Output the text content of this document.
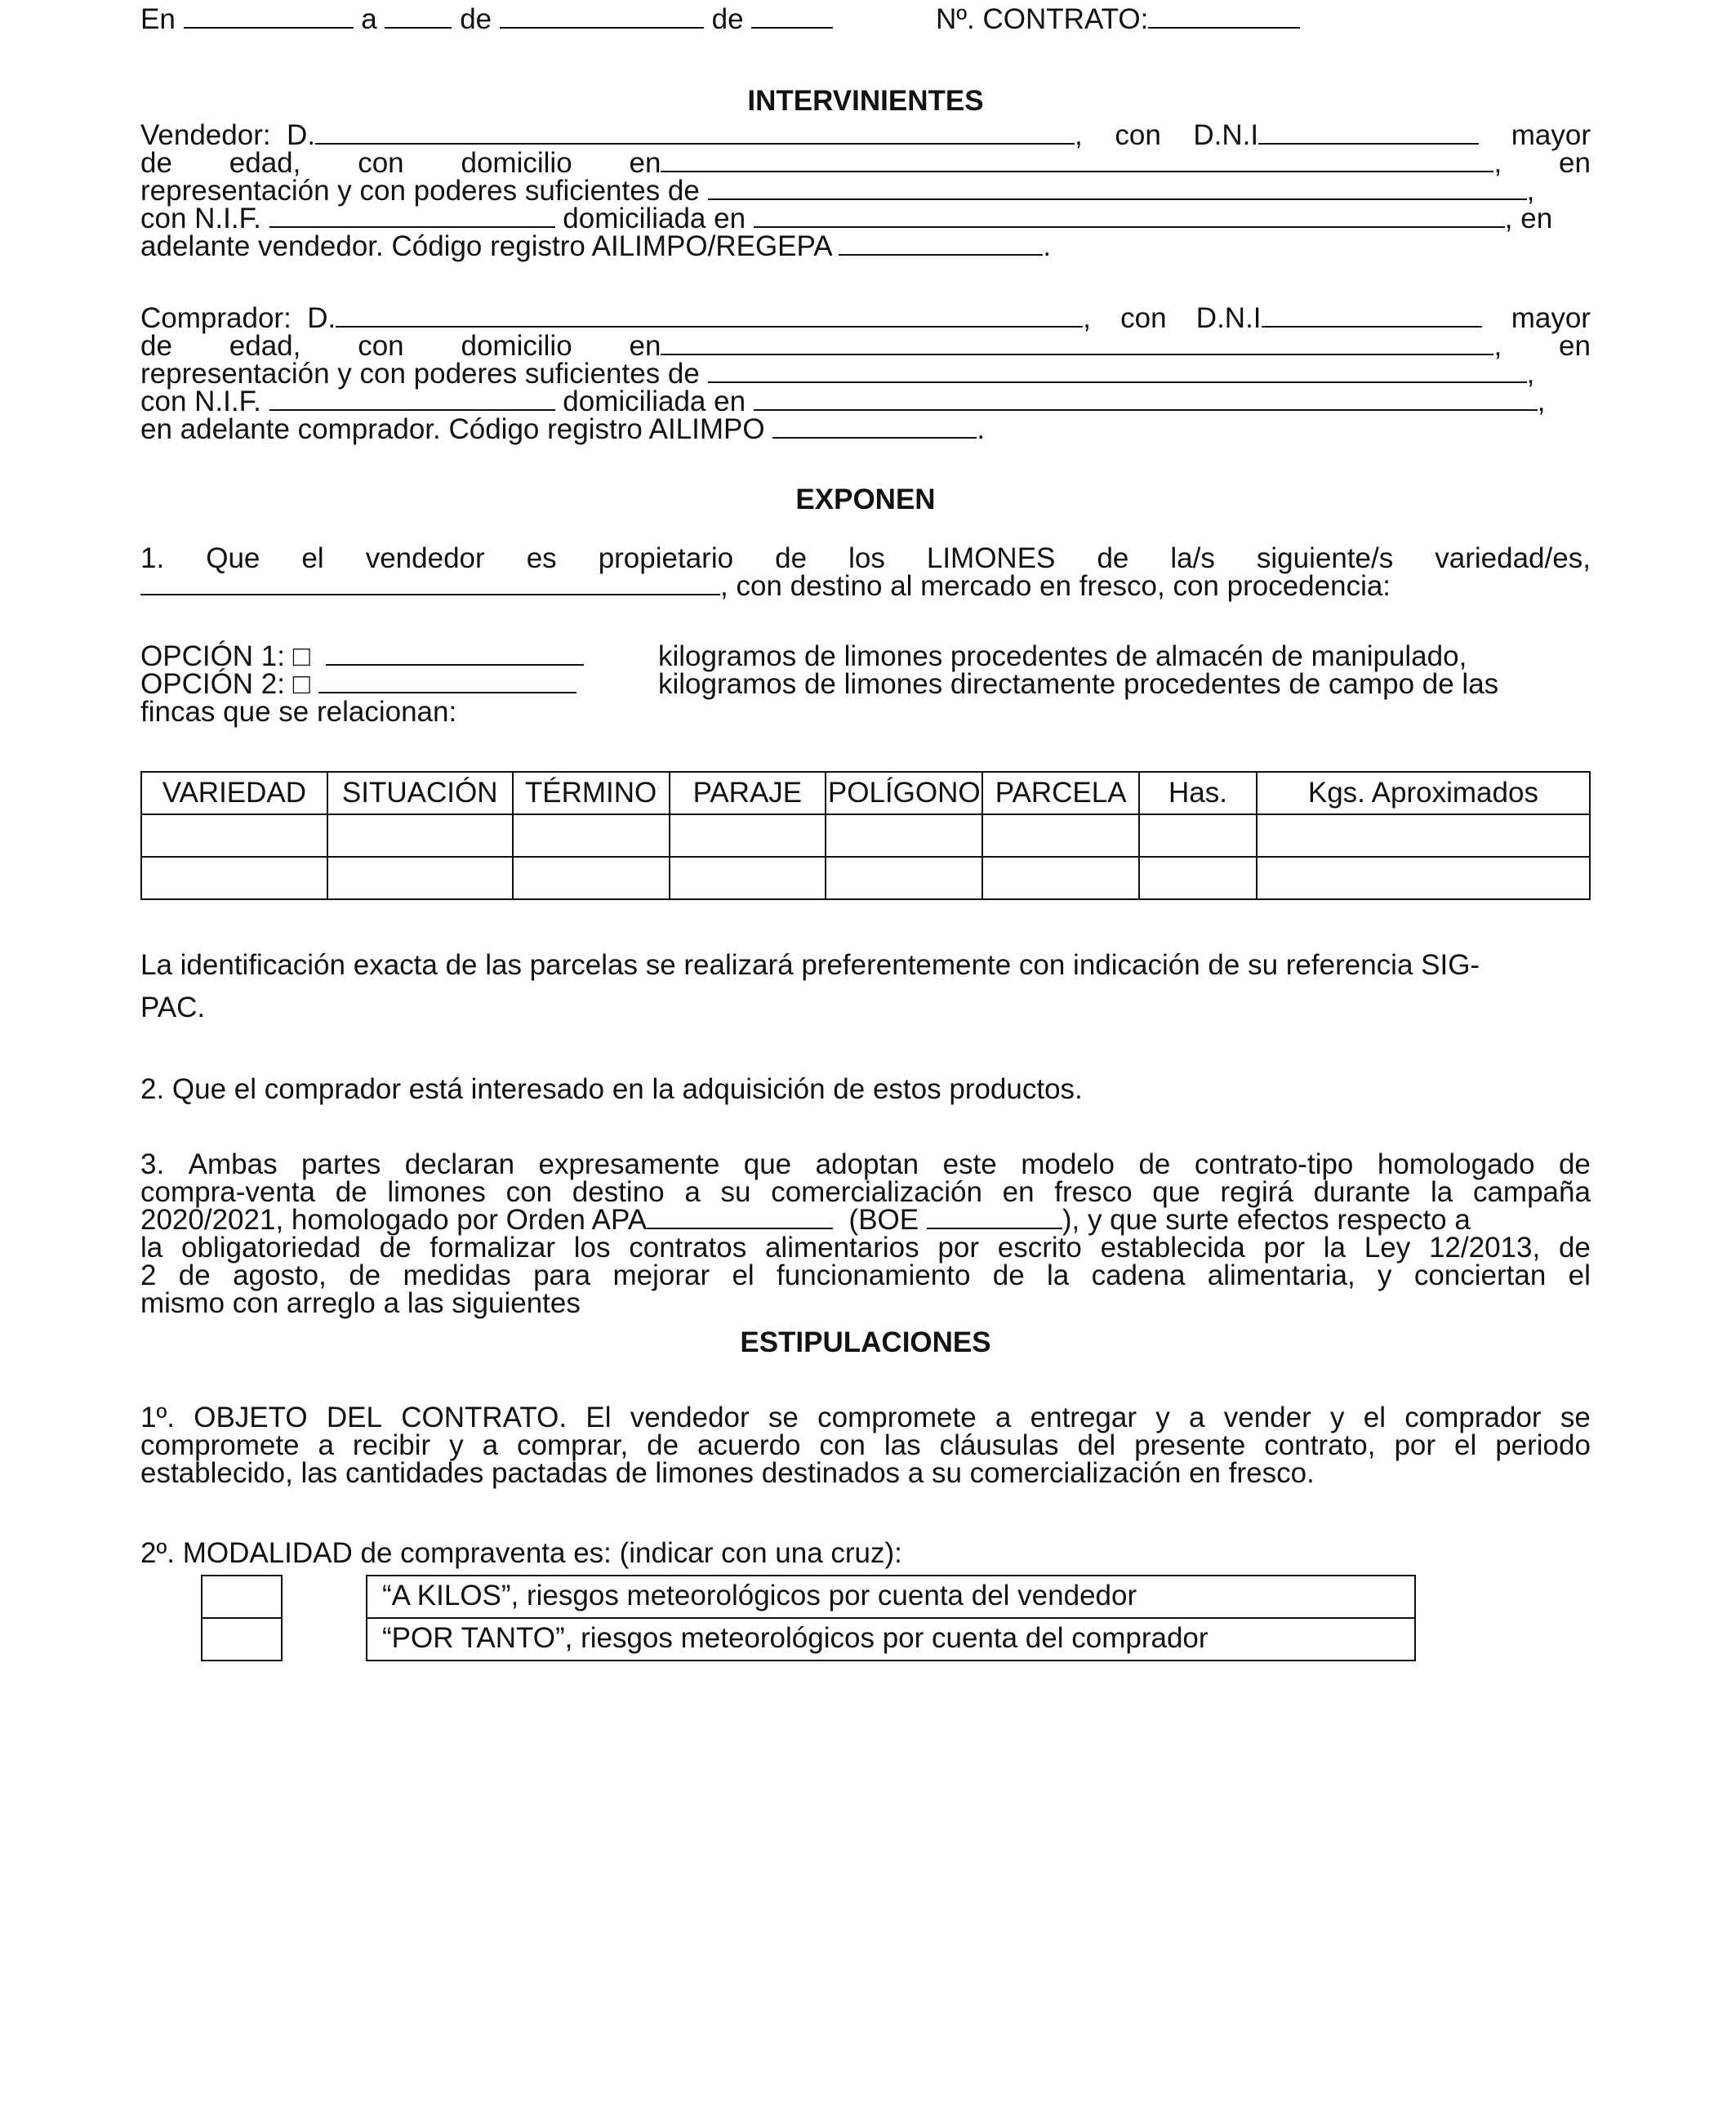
En	a	de	de	Nº. CONTRATO:
INTERVINIENTES
Vendedor: D.	, con D.N.I	mayor
de edad, con domicilio en	, en
representación y con poderes suficientes de	,
con N.I.F.	domiciliada en	, en
adelante vendedor. Código registro AILIMPO/REGEPA	.
Comprador: D.	, con D.N.I	mayor
de edad, con domicilio en	, en
representación y con poderes suficientes de	,
con N.I.F.	domiciliada en	,
en adelante comprador. Código registro AILIMPO	.
EXPONEN
1. Que el vendedor es propietario de los LIMONES de la/s siguiente/s variedad/es,
, con destino al mercado en fresco, con procedencia:
OPCIÓN 1: □	kilogramos de limones procedentes de almacén de manipulado,
OPCIÓN 2: □	kilogramos de limones directamente procedentes de campo de las
fincas que se relacionan:
VARIEDAD	SITUACIÓN	TÉRMINO	PARAJE	POLÍGONO	PARCELA	Has.	Kgs. Aproximados

La identificación exacta de las parcelas se realizará preferentemente con indicación de su referencia SIG-
PAC.
2. Que el comprador está interesado en la adquisición de estos productos.
3. Ambas partes declaran expresamente que adoptan este modelo de contrato-tipo homologado de
compra-venta de limones con destino a su comercialización en fresco que regirá durante la campaña
2020/2021, homologado por Orden APA	(BOE	), y que surte efectos respecto a
la obligatoriedad de formalizar los contratos alimentarios por escrito establecida por la Ley 12/2013, de
2 de agosto, de medidas para mejorar el funcionamiento de la cadena alimentaria, y conciertan el
mismo con arreglo a las siguientes
ESTIPULACIONES
1º. OBJETO DEL CONTRATO. El vendedor se compromete a entregar y a vender y el comprador se
compromete a recibir y a comprar, de acuerdo con las cláusulas del presente contrato, por el periodo
establecido, las cantidades pactadas de limones destinados a su comercialización en fresco.
2º. MODALIDAD de compraventa es: (indicar con una cruz):
“A KILOS”, riesgos meteorológicos por cuenta del vendedor
“POR TANTO”, riesgos meteorológicos por cuenta del comprador
